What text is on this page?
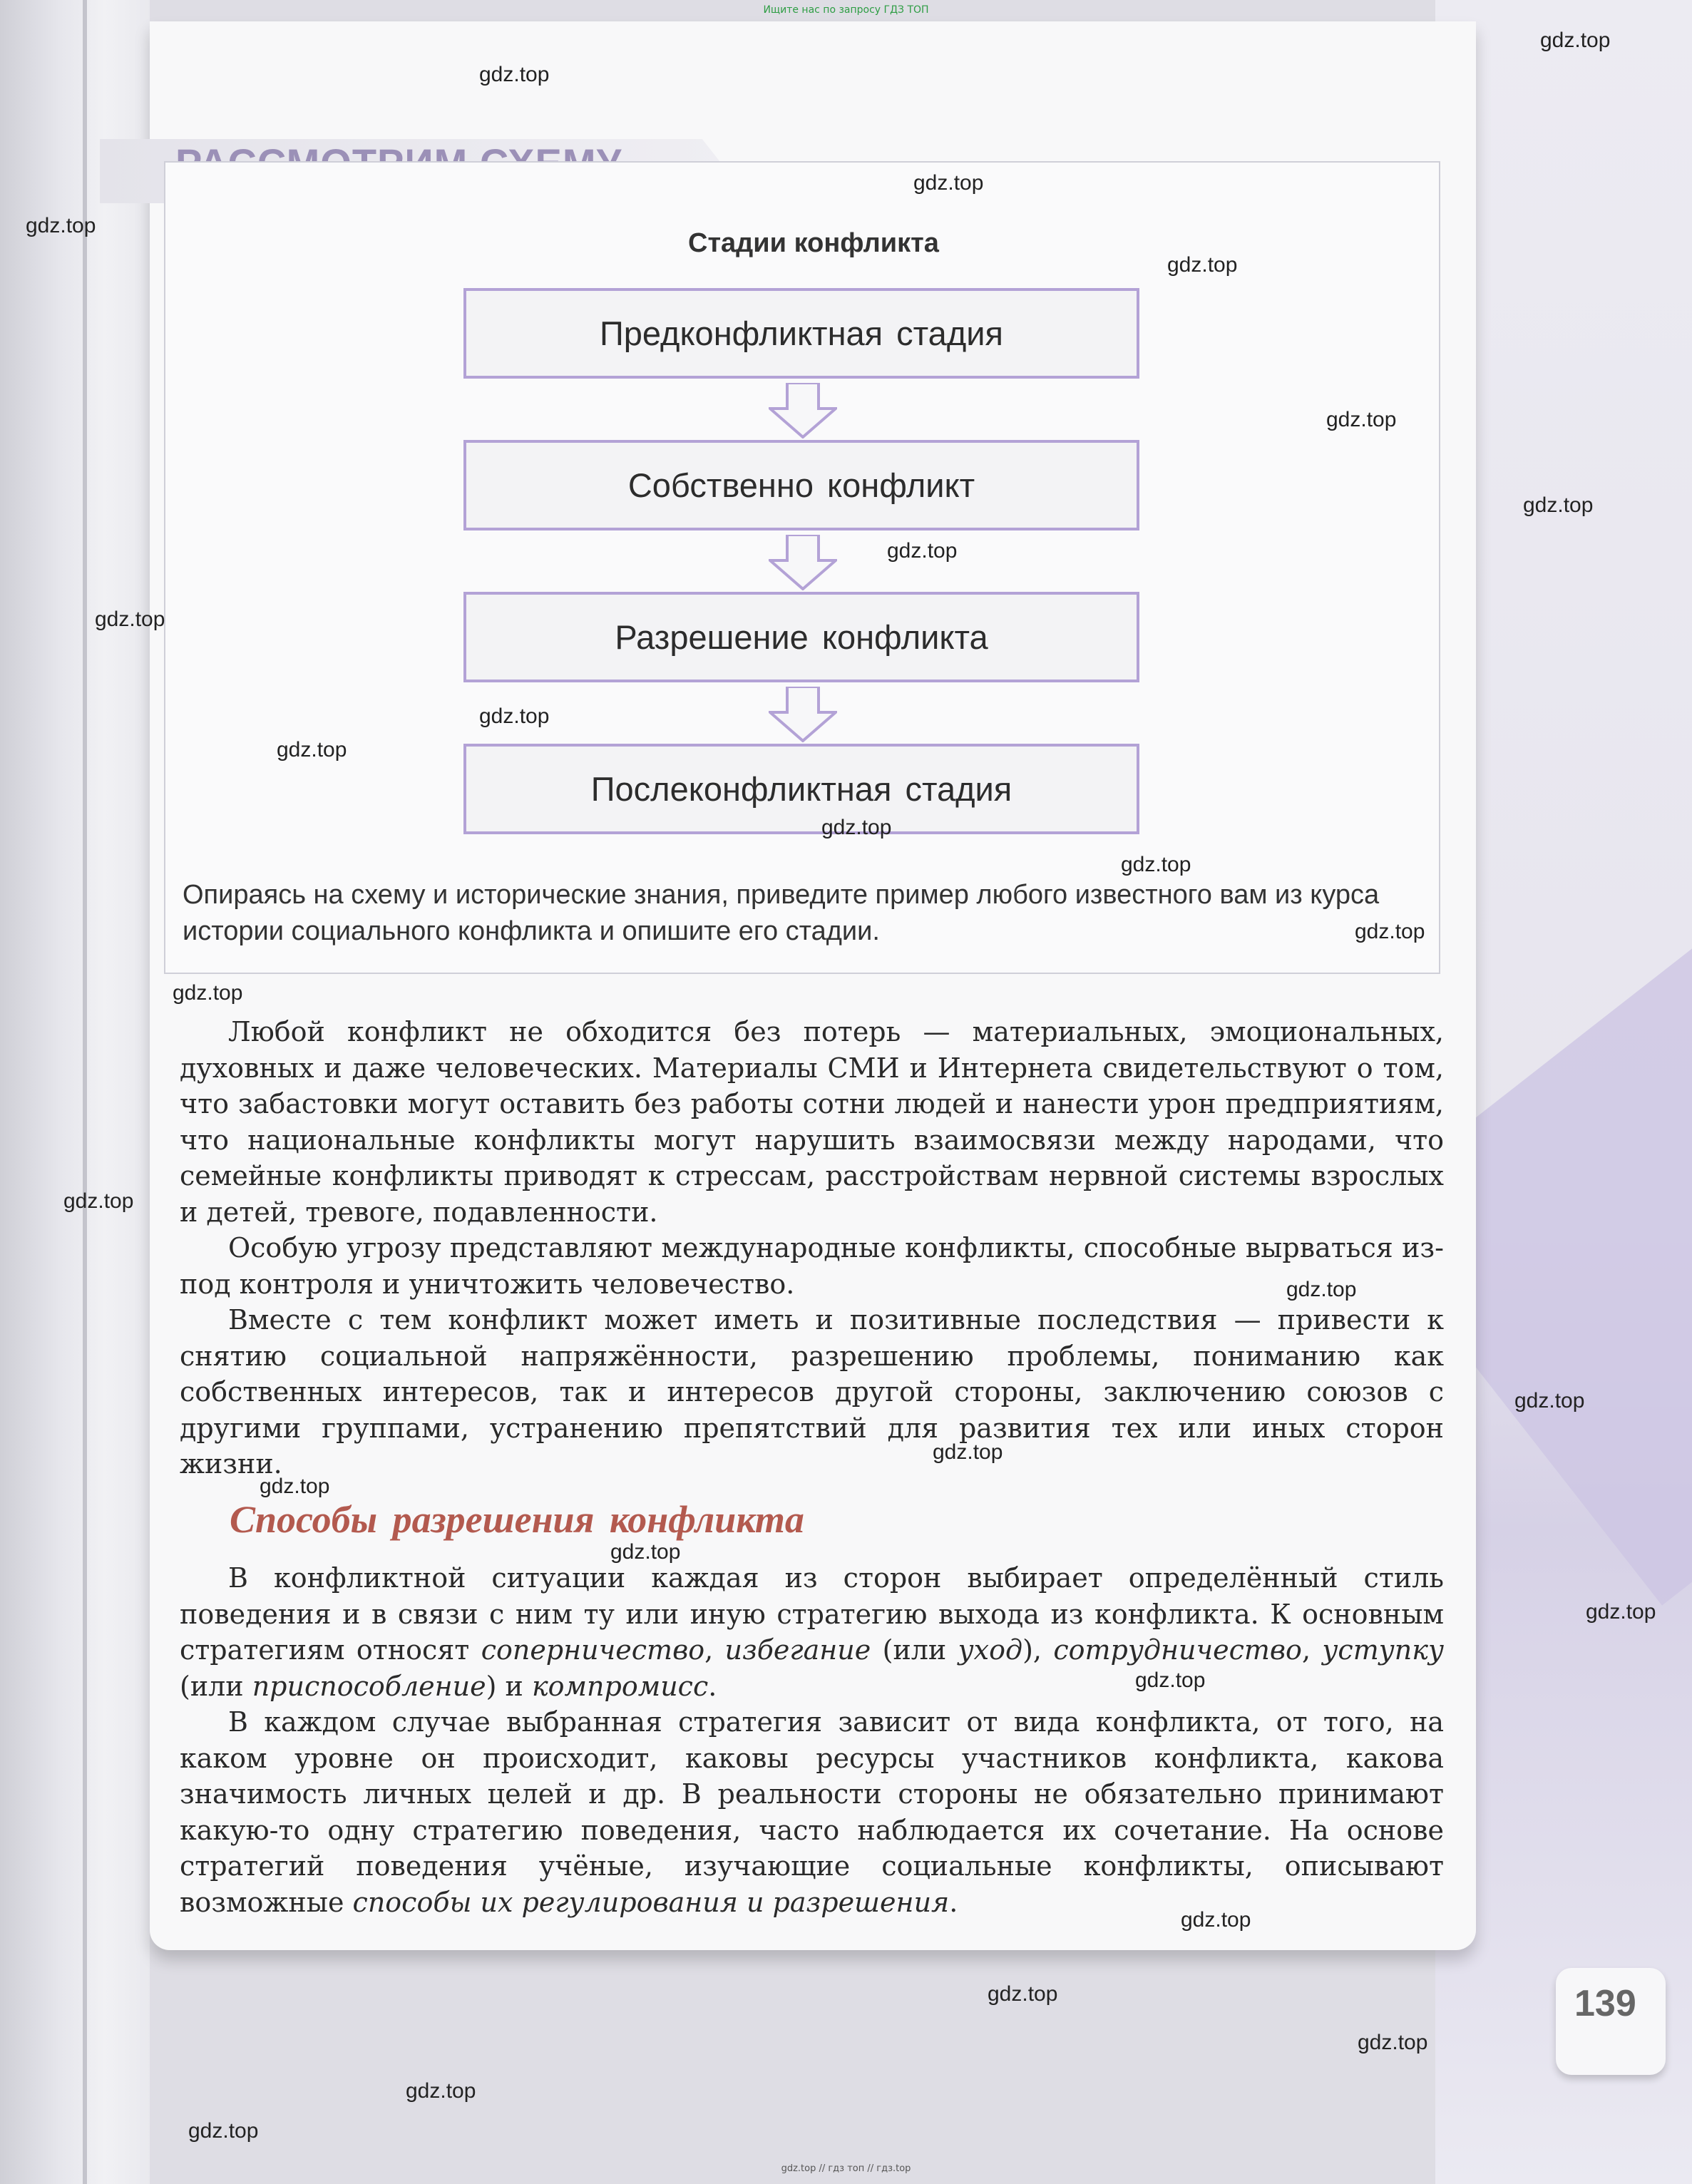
Ищите нас по запросу ГДЗ ТОП
Стадии конфликта
Предконфликтная стадия
Собственно конфликт
Разрешение конфликта
Послеконфликтная стадия
Опираясь на схему и исторические знания, приведите пример любого известного вам из курса истории социального конфликта и опишите его стадии.

Любой конфликт не обходится без потерь — материальных, эмоциональных, духовных и даже человеческих. Материалы СМИ и Интернета свидетельствуют о том, что забастовки могут оставить без работы сотни людей и нанести урон предприятиям, что национальные конфликты могут нарушить взаимосвязи между народами, что семейные конфликты приводят к стрессам, расстройствам нервной системы взрослых и детей, тревоге, подавленности.

Особую угрозу представляют международные конфликты, способные вырваться из-под контроля и уничтожить человечество.

Вместе с тем конфликт может иметь и позитивные последствия — привести к снятию социальной напряжённости, разрешению проблемы, пониманию как собственных интересов, так и интересов другой стороны, заключению союзов с другими группами, устранению препятствий для развития тех или иных сторон жизни.

Способы разрешения конфликта

В конфликтной ситуации каждая из сторон выбирает определённый стиль поведения и в связи с ним ту или иную стратегию выхода из конфликта. К основным стратегиям относят соперничество, избегание (или уход), сотрудничество, уступку (или приспособление) и компромисс.

В каждом случае выбранная стратегия зависит от вида конфликта, от того, на каком уровне он происходит, каковы ресурсы участников конфликта, какова значимость личных целей и др. В реальности стороны не обязательно принимают какую-то одну стратегию поведения, часто наблюдается их сочетание. На основе стратегий поведения учёные, изучающие социальные конфликты, описывают возможные способы их регулирования и разрешения.

139
gdz.top // гдз топ // гдз.top
gdz.top
gdz.top
gdz.top
gdz.top
gdz.top
gdz.top
gdz.top
gdz.top
gdz.top
gdz.top
gdz.top
gdz.top
gdz.top
gdz.top
gdz.top
gdz.top
gdz.top
gdz.top
gdz.top
gdz.top
gdz.top
gdz.top
gdz.top
gdz.top
gdz.top
gdz.top
gdz.top
gdz.top
